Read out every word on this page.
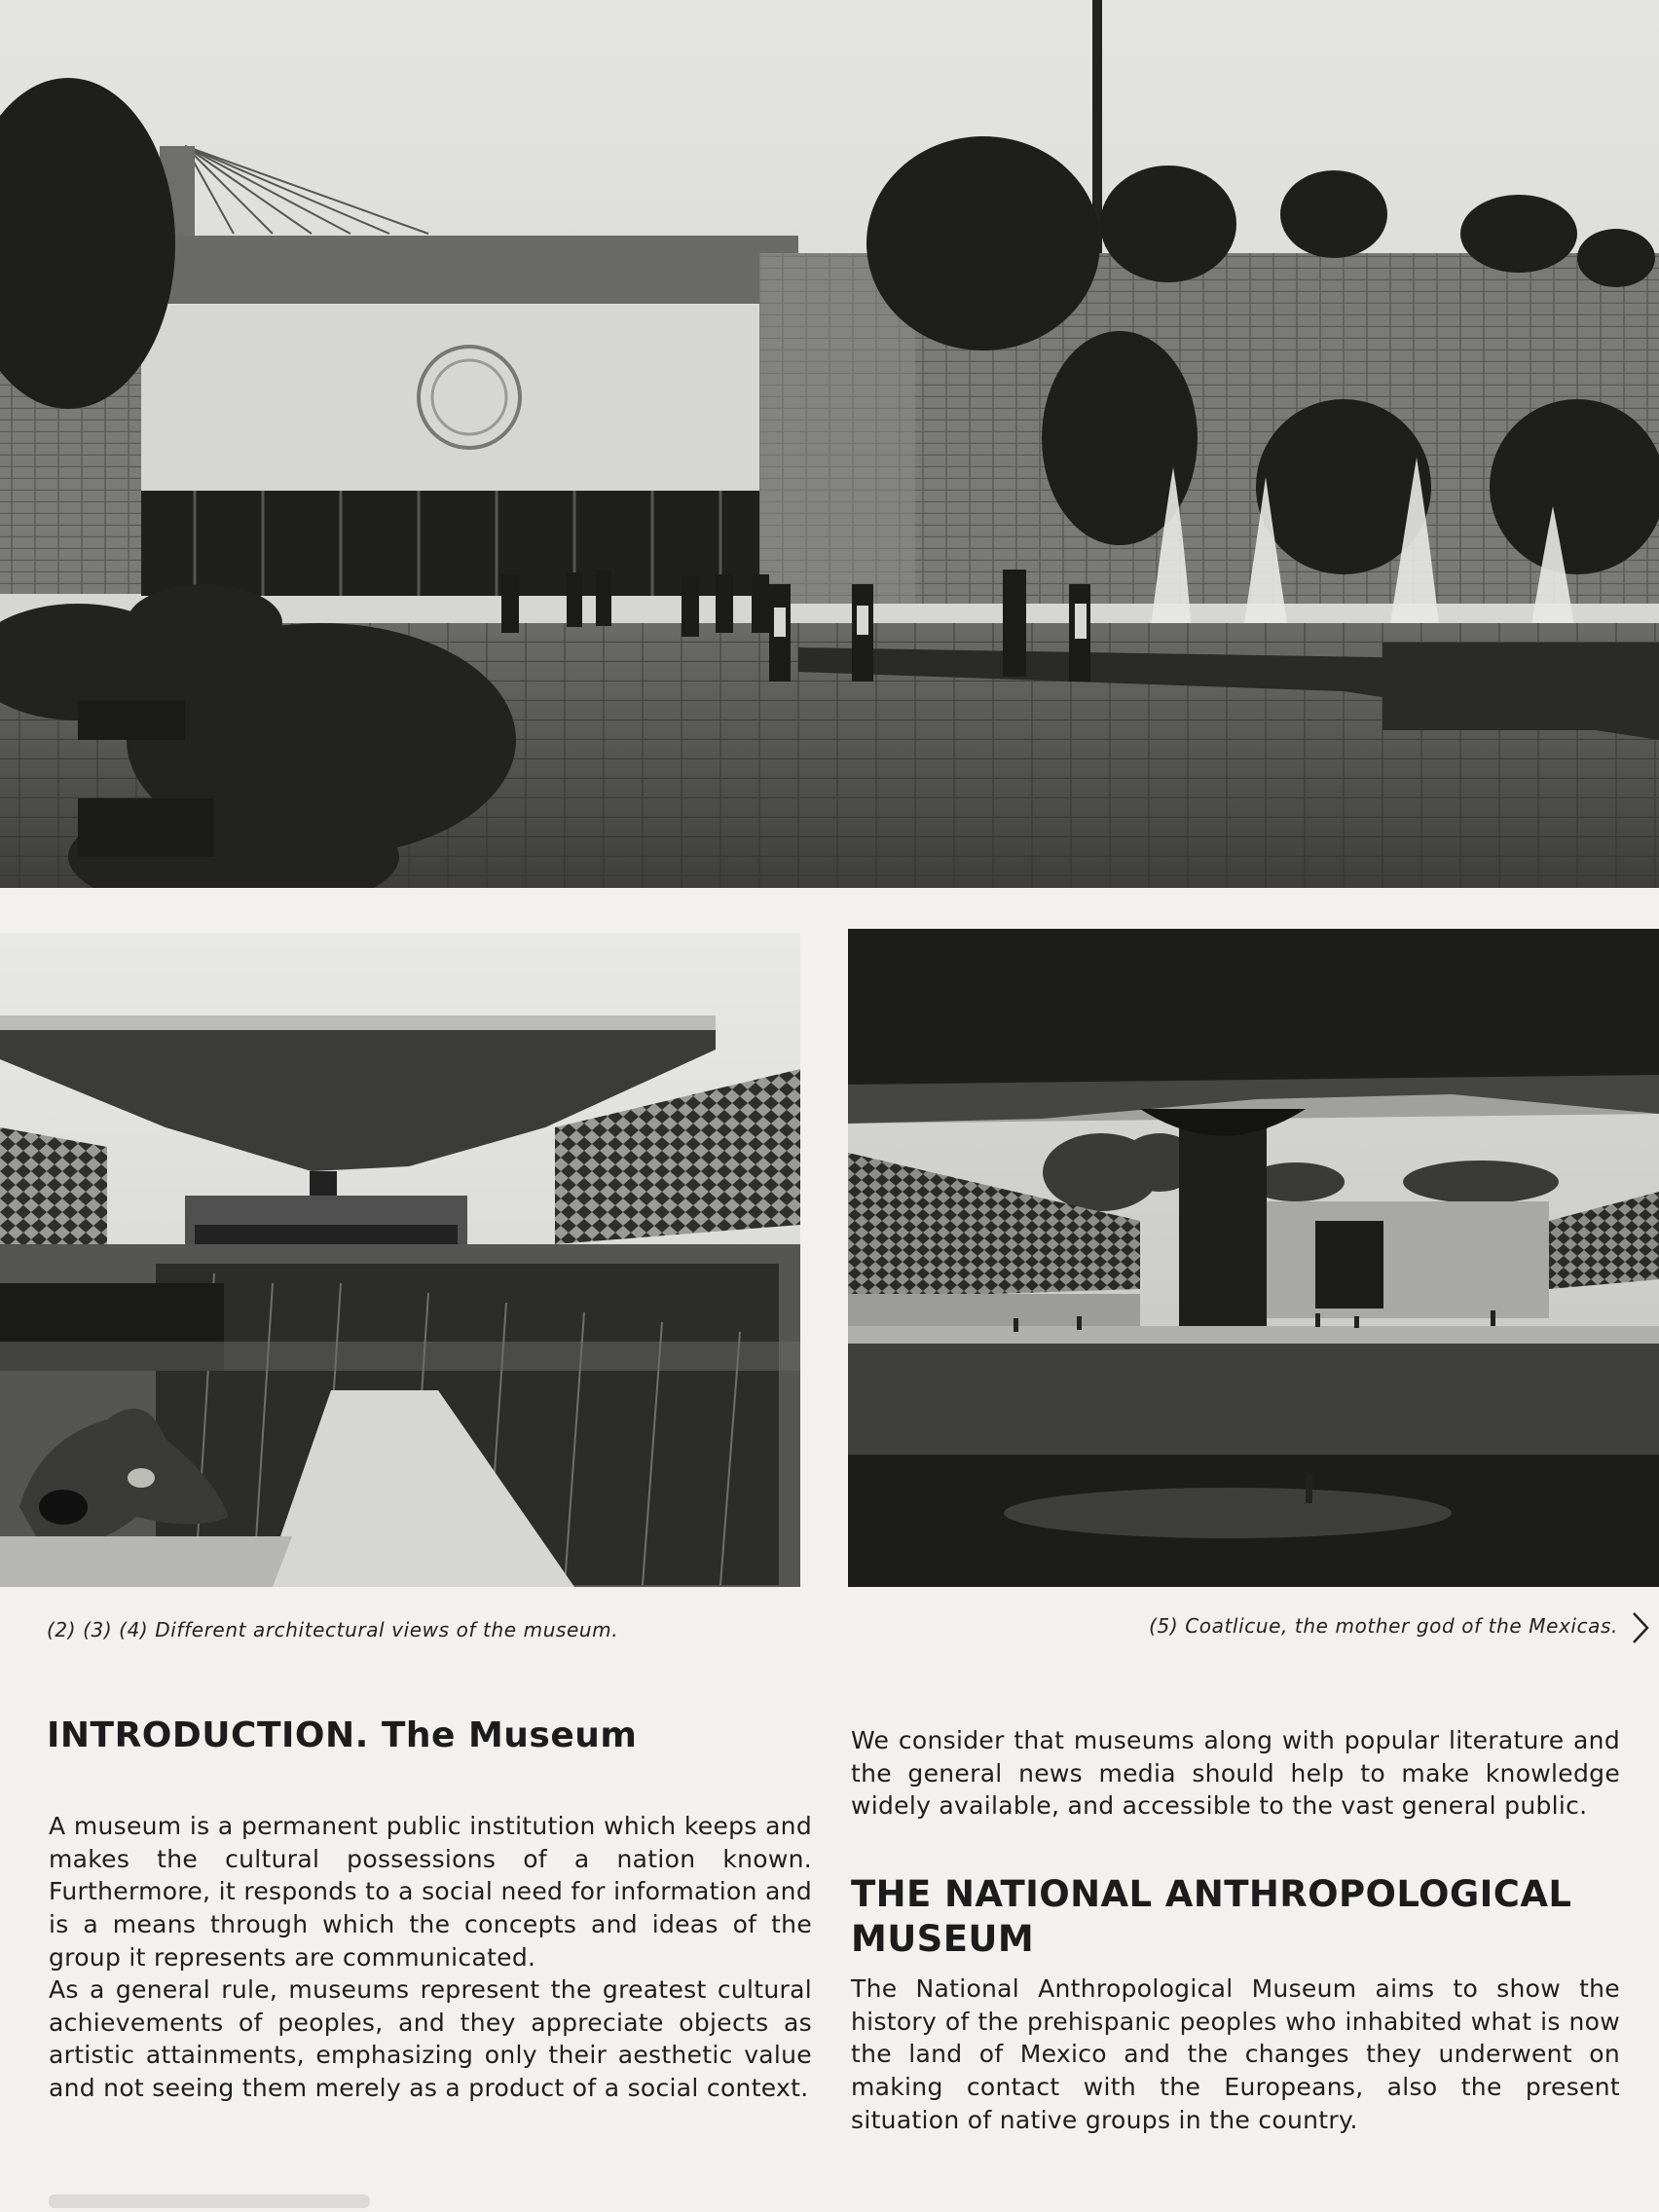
(2) (3) (4) Different architectural views of the museum.	(5) Coatlicue, the mother god of the Mexicas.
INTRODUCTION. The Museum

A museum is a permanent public institution which keeps and makes the cultural possessions of a nation known. Furthermore, it responds to a social need for information and is a means through which the concepts and ideas of the group it represents are communicated.

As a general rule, museums represent the greatest cultural achievements of peoples, and they appreciate objects as artistic attainments, emphasizing only their aesthetic value and not seeing them merely as a product of a social context.

We consider that museums along with popular literature and the general news media should help to make knowledge widely available, and accessible to the vast general public.

THE NATIONAL ANTHROPOLOGICAL MUSEUM

The National Anthropological Museum aims to show the history of the prehispanic peoples who inhabited what is now the land of Mexico and the changes they underwent on making contact with the Europeans, also the present situation of native groups in the country.
